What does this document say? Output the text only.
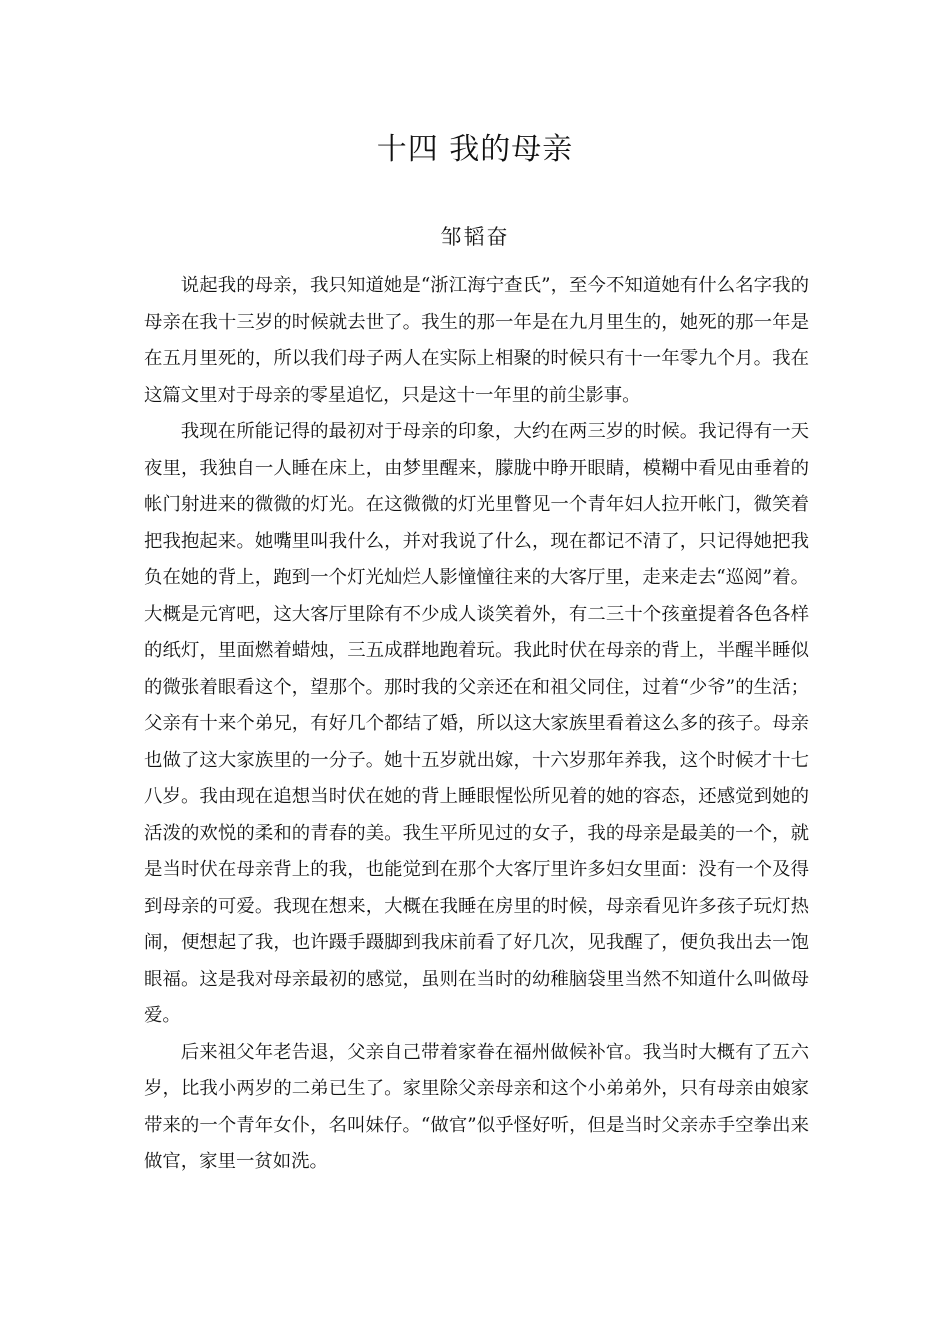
十四 我的母亲
邹韬奋

说起我的母亲，我只知道她是“浙江海宁查氏”，至今不知道她有什么名字我的母亲在我十三岁的时候就去世了。我生的那一年是在九月里生的，她死的那一年是在五月里死的，所以我们母子两人在实际上相聚的时候只有十一年零九个月。我在这篇文里对于母亲的零星追忆，只是这十一年里的前尘影事。

我现在所能记得的最初对于母亲的印象，大约在两三岁的时候。我记得有一天夜里，我独自一人睡在床上，由梦里醒来，朦胧中睁开眼睛，模糊中看见由垂着的帐门射进来的微微的灯光。在这微微的灯光里瞥见一个青年妇人拉开帐门，微笑着把我抱起来。她嘴里叫我什么，并对我说了什么，现在都记不清了，只记得她把我负在她的背上，跑到一个灯光灿烂人影憧憧往来的大客厅里，走来走去“巡阅”着。大概是元宵吧，这大客厅里除有不少成人谈笑着外，有二三十个孩童提着各色各样的纸灯，里面燃着蜡烛，三五成群地跑着玩。我此时伏在母亲的背上，半醒半睡似的微张着眼看这个，望那个。那时我的父亲还在和祖父同住，过着“少爷”的生活；父亲有十来个弟兄，有好几个都结了婚，所以这大家族里看着这么多的孩子。母亲也做了这大家族里的一分子。她十五岁就出嫁，十六岁那年养我，这个时候才十七八岁。我由现在追想当时伏在她的背上睡眼惺忪所见着的她的容态，还感觉到她的活泼的欢悦的柔和的青春的美。我生平所见过的女子，我的母亲是最美的一个，就是当时伏在母亲背上的我，也能觉到在那个大客厅里许多妇女里面：没有一个及得到母亲的可爱。我现在想来，大概在我睡在房里的时候，母亲看见许多孩子玩灯热闹，便想起了我，也许蹑手蹑脚到我床前看了好几次，见我醒了，便负我出去一饱眼福。这是我对母亲最初的感觉，虽则在当时的幼稚脑袋里当然不知道什么叫做母爱。

后来祖父年老告退，父亲自己带着家眷在福州做候补官。我当时大概有了五六岁，比我小两岁的二弟已生了。家里除父亲母亲和这个小弟弟外，只有母亲由娘家带来的一个青年女仆，名叫妹仔。“做官”似乎怪好听，但是当时父亲赤手空拳出来做官，家里一贫如洗。
